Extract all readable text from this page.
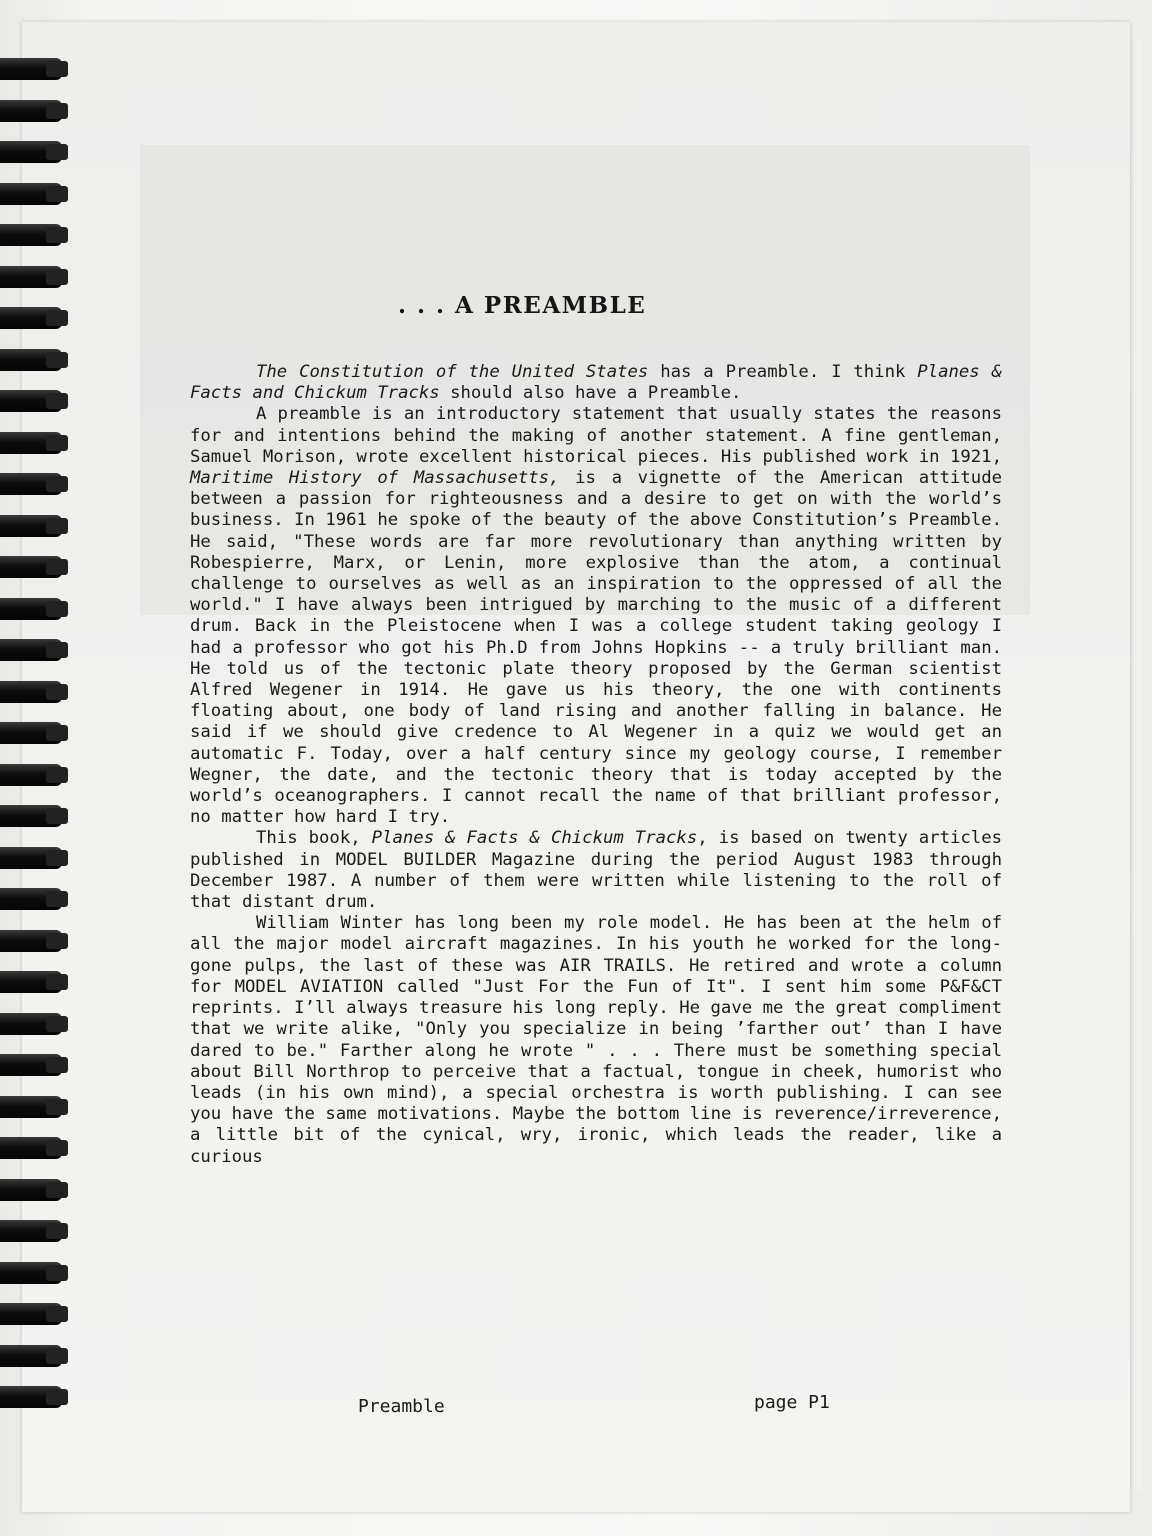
. . . A PREAMBLE

The Constitution of the United States has a Preamble. I think Planes & Facts and Chickum Tracks should also have a Preamble.

A preamble is an introductory statement that usually states the reasons for and intentions behind the making of another statement. A fine gentleman, Samuel Morison, wrote excellent historical pieces. His published work in 1921, Maritime History of Massachusetts, is a vignette of the American attitude between a passion for righteousness and a desire to get on with the world’s business. In 1961 he spoke of the beauty of the above Constitution’s Preamble. He said, "These words are far more revolutionary than anything written by Robespierre, Marx, or Lenin, more explosive than the atom, a continual challenge to ourselves as well as an inspiration to the oppressed of all the world." I have always been intrigued by marching to the music of a different drum. Back in the Pleistocene when I was a college student taking geology I had a professor who got his Ph.D from Johns Hopkins -- a truly brilliant man. He told us of the tectonic plate theory proposed by the German scientist Alfred Wegener in 1914. He gave us his theory, the one with continents floating about, one body of land rising and another falling in balance. He said if we should give credence to Al Wegener in a quiz we would get an automatic F. Today, over a half century since my geology course, I remember Wegner, the date, and the tectonic theory that is today accepted by the world’s oceanographers. I cannot recall the name of that brilliant professor, no matter how hard I try.

This book, Planes & Facts & Chickum Tracks, is based on twenty articles published in MODEL BUILDER Magazine during the period August 1983 through December 1987. A number of them were written while listening to the roll of that distant drum.

William Winter has long been my role model. He has been at the helm of all the major model aircraft magazines. In his youth he worked for the long-gone pulps, the last of these was AIR TRAILS. He retired and wrote a column for MODEL AVIATION called "Just For the Fun of It". I sent him some P&F&CT reprints. I’ll always treasure his long reply. He gave me the great compliment that we write alike, "Only you specialize in being ’farther out’ than I have dared to be." Farther along he wrote " . . . There must be something special about Bill Northrop to perceive that a factual, tongue in cheek, humorist who leads (in his own mind), a special orchestra is worth publishing. I can see you have the same motivations. Maybe the bottom line is reverence/irreverence, a little bit of the cynical, wry, ironic, which leads the reader, like a curious

Preamble	page P1
